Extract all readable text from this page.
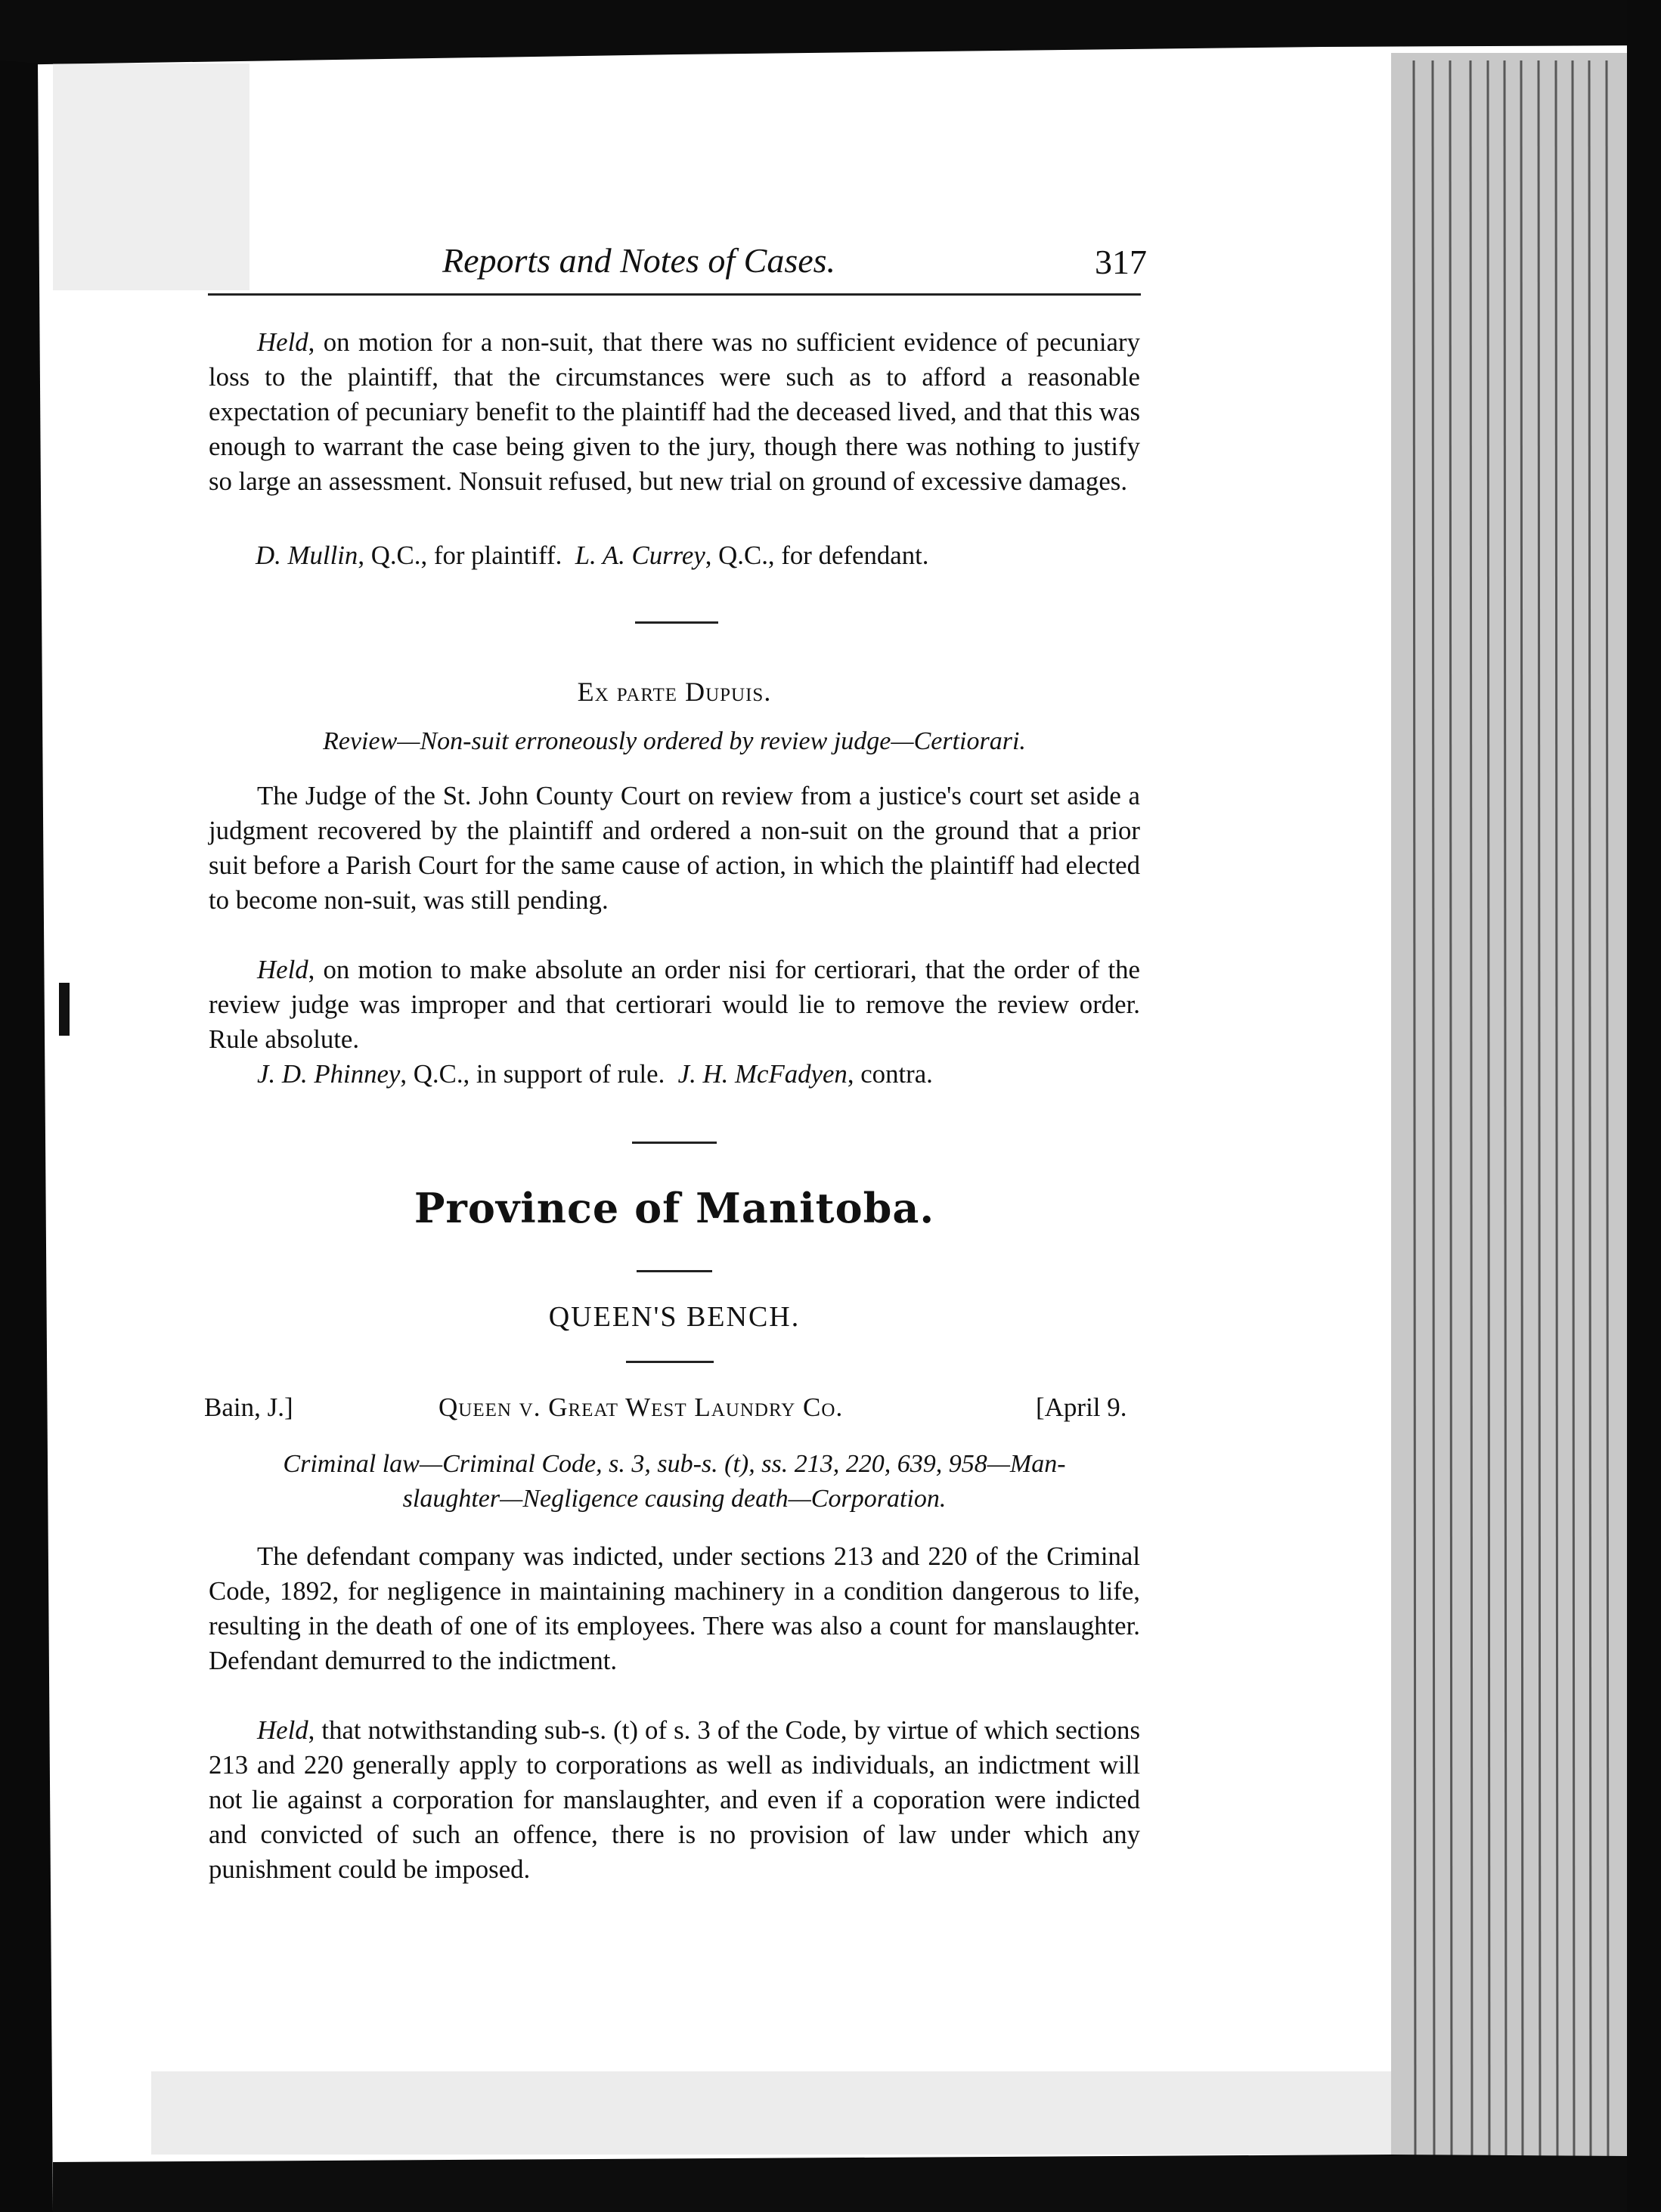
Reports and Notes of Cases.	317

Held, on motion for a non-suit, that there was no sufficient evidence of pecuniary loss to the plaintiff, that the circumstances were such as to afford a reasonable expectation of pecuniary benefit to the plaintiff had the deceased lived, and that this was enough to warrant the case being given to the jury, though there was nothing to justify so large an assessment. Nonsuit refused, but new trial on ground of excessive damages.

D. Mullin, Q.C., for plaintiff. L. A. Currey, Q.C., for defendant.
Ex parte Dupuis.
Review—Non-suit erroneously ordered by review judge—Certiorari.

The Judge of the St. John County Court on review from a justice's court set aside a judgment recovered by the plaintiff and ordered a non-suit on the ground that a prior suit before a Parish Court for the same cause of action, in which the plaintiff had elected to become non-suit, was still pending.

Held, on motion to make absolute an order nisi for certiorari, that the order of the review judge was improper and that certiorari would lie to remove the review order. Rule absolute.

J. D. Phinney, Q.C., in support of rule. J. H. McFadyen, contra.
Province of Manitoba.
QUEEN'S BENCH.
Bain, J.]	Queen v. Great West Laundry Co.	[April 9.
Criminal law—Criminal Code, s. 3, sub-s. (t), ss. 213, 220, 639, 958—Man-
slaughter—Negligence causing death—Corporation.

The defendant company was indicted, under sections 213 and 220 of the Criminal Code, 1892, for negligence in maintaining machinery in a condition dangerous to life, resulting in the death of one of its employees. There was also a count for manslaughter. Defendant demurred to the indictment.

Held, that notwithstanding sub-s. (t) of s. 3 of the Code, by virtue of which sections 213 and 220 generally apply to corporations as well as individuals, an indictment will not lie against a corporation for manslaughter, and even if a coporation were indicted and convicted of such an offence, there is no provision of law under which any punishment could be imposed.
